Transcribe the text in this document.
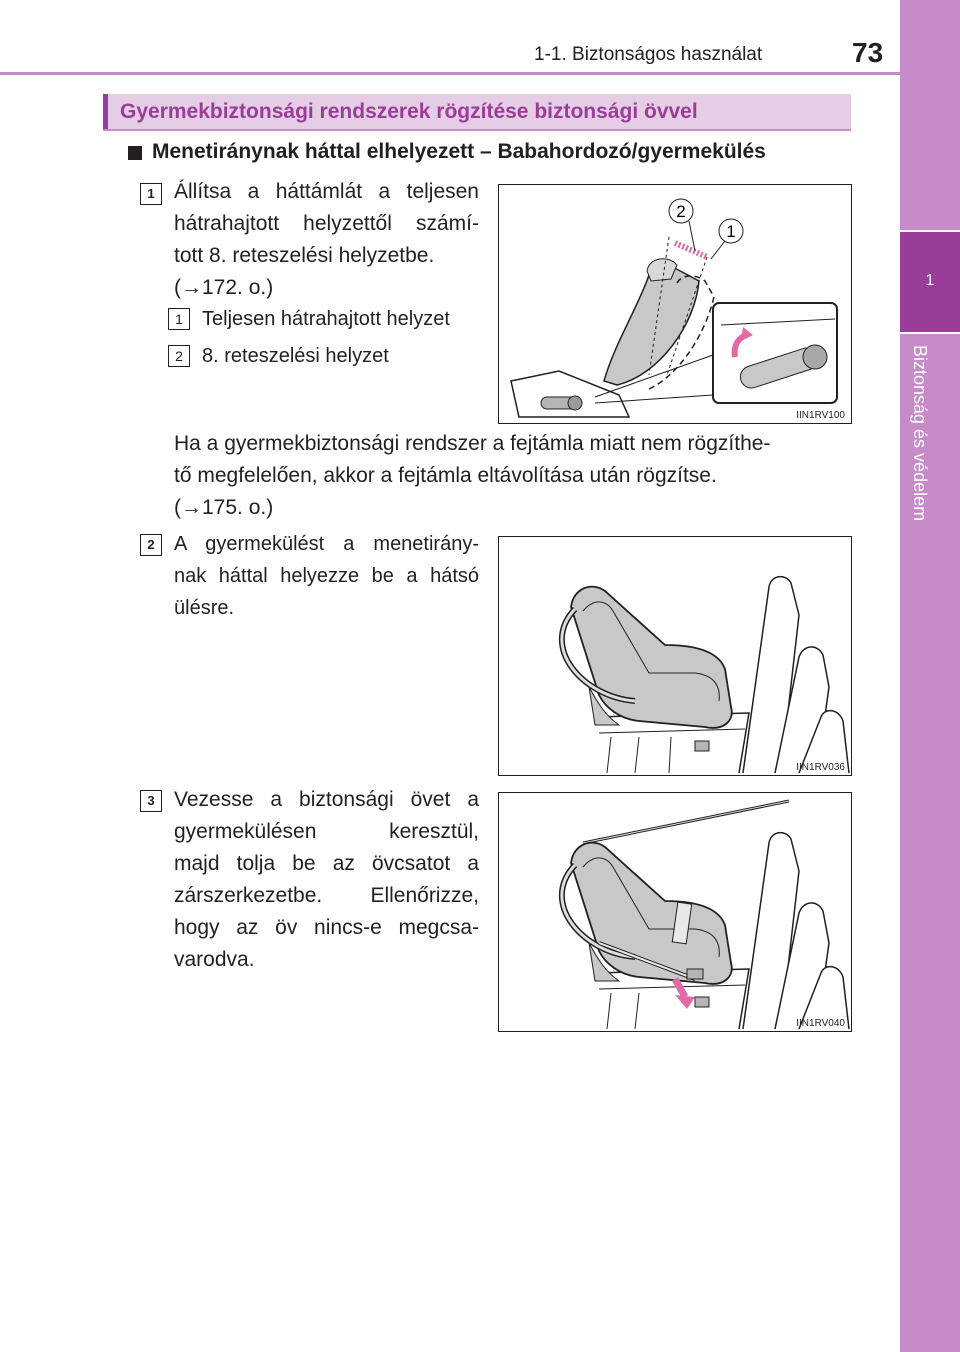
1-1. Biztonságos használat	73
1
Biztonság és védelem
Gyermekbiztonsági rendszerek rögzítése biztonsági övvel
Menetiránynak háttal elhelyezett – Babahordozó/gyermekülés
1 Állítsa a háttámlát a teljesen
hátrahajtott helyzettől számí-
tott 8. reteszelési helyzetbe.
(→172. o.)
1 Teljesen hátrahajtott helyzet
2 8. reteszelési helyzet
2
1
IIN1RV100
Ha a gyermekbiztonsági rendszer a fejtámla miatt nem rögzíthe-
tő megfelelően, akkor a fejtámla eltávolítása után rögzítse.
(→175. o.)
2 A gyermekülést a menetirány-
nak háttal helyezze be a hátsó
ülésre.
IIN1RV036
3 Vezesse a biztonsági övet a
gyermekülésen keresztül,
majd tolja be az övcsatot a
zárszerkezetbe. Ellenőrizze,
hogy az öv nincs-e megcsa-
varodva.
IIN1RV040
